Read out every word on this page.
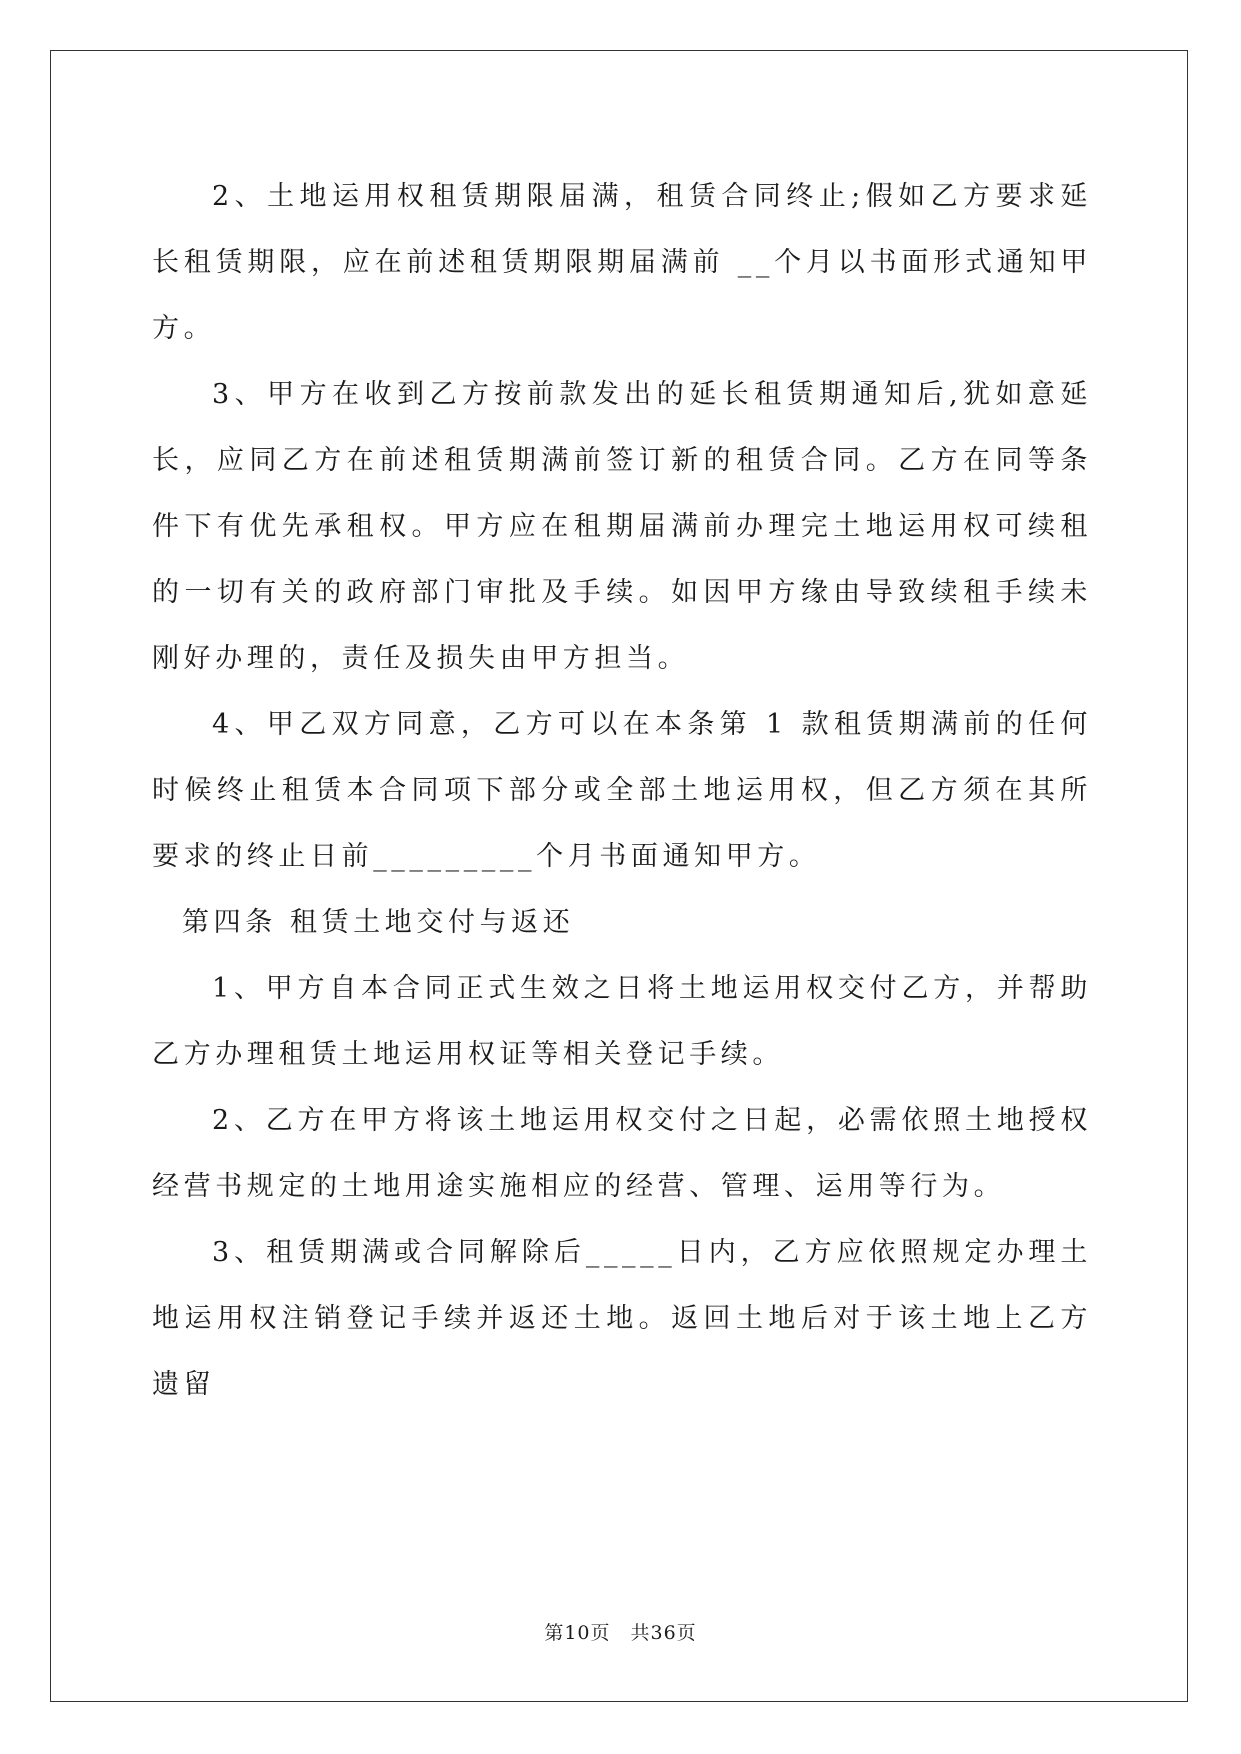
2、土地运用权租赁期限届满，租赁合同终止;假如乙方要求延长租赁期限，应在前述租赁期限期届满前 __个月以书面形式通知甲方。

3、甲方在收到乙方按前款发出的延长租赁期通知后,犹如意延长，应同乙方在前述租赁期满前签订新的租赁合同。乙方在同等条件下有优先承租权。甲方应在租期届满前办理完土地运用权可续租的一切有关的政府部门审批及手续。如因甲方缘由导致续租手续未刚好办理的，责任及损失由甲方担当。

4、甲乙双方同意，乙方可以在本条第 1 款租赁期满前的任何时候终止租赁本合同项下部分或全部土地运用权，但乙方须在其所要求的终止日前_________个月书面通知甲方。

第四条 租赁土地交付与返还

1、甲方自本合同正式生效之日将土地运用权交付乙方，并帮助乙方办理租赁土地运用权证等相关登记手续。

2、乙方在甲方将该土地运用权交付之日起，必需依照土地授权经营书规定的土地用途实施相应的经营、管理、运用等行为。

3、租赁期满或合同解除后_____日内，乙方应依照规定办理土地运用权注销登记手续并返还土地。返回土地后对于该土地上乙方遗留

第10页　共36页
